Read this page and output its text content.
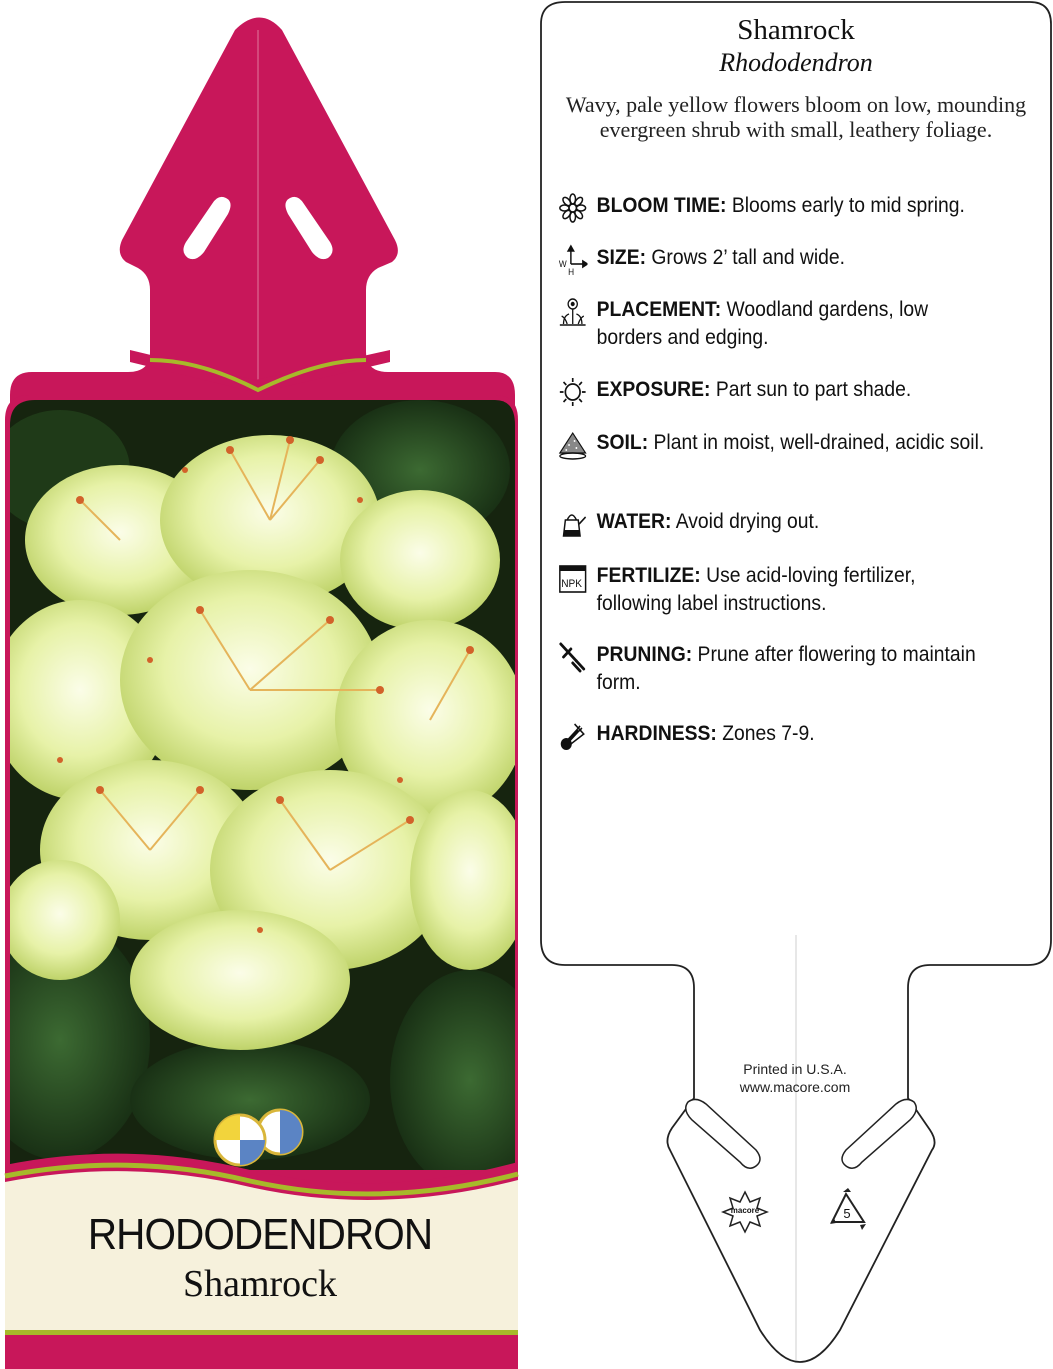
RHODODENDRON
Shamrock
Shamrock
Rhododendron
Wavy, pale yellow flowers bloom on low, mounding evergreen shrub with small, leathery foliage.
BLOOM TIME: Blooms early to mid spring.
W
H
SIZE: Grows 2’ tall and wide.
PLACEMENT: Woodland gardens, low borders and edging.
EXPOSURE: Part sun to part shade.
SOIL: Plant in moist, well-drained, acidic soil.
WATER: Avoid drying out.
NPK FERTILIZE: Use acid-loving fertilizer, following label instructions.
PRUNING: Prune after flowering to maintain form.
HARDINESS: Zones 7-9.
Printed in U.S.A.
www.macore.com
macore	5
